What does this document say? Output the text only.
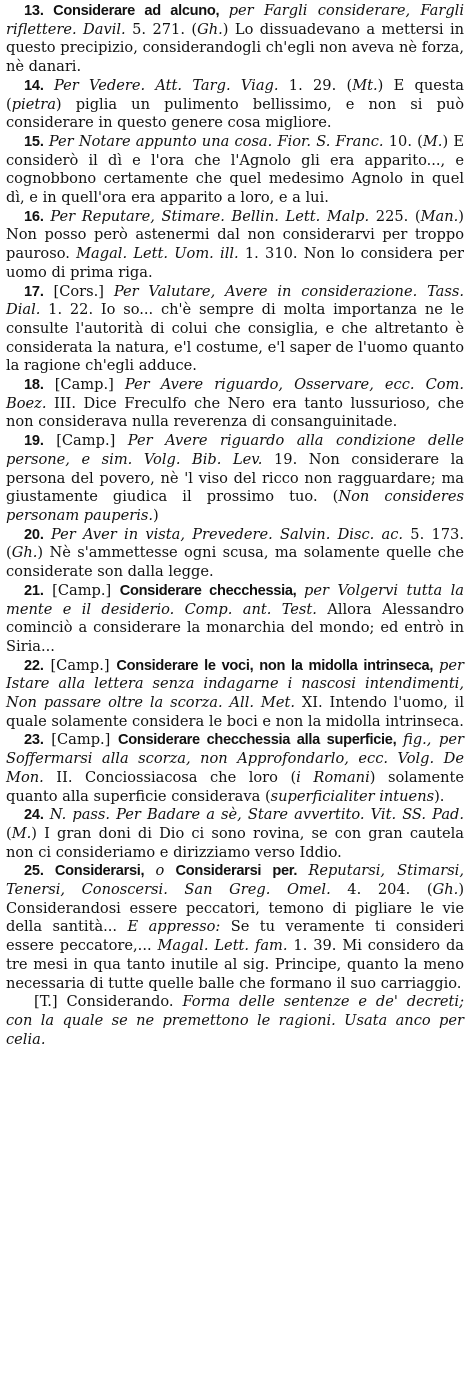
13. Considerare ad alcuno, per Fargli considerare, Fargli riflettere. Davil. 5. 271. (Gh.) Lo dissuadevano a mettersi in questo precipizio, considerandogli ch'egli non aveva nè forza, nè danari.

14. Per Vedere. Att. Targ. Viag. 1. 29. (Mt.) E questa (pietra) piglia un pulimento bellissimo, e non si può considerare in questo genere cosa migliore.

15. Per Notare appunto una cosa. Fior. S. Franc. 10. (M.) E considerò il dì e l'ora che l'Agnolo gli era apparito..., e cognobbono certamente che quel medesimo Agnolo in quel dì, e in quell'ora era apparito a loro, e a lui.

16. Per Reputare, Stimare. Bellin. Lett. Malp. 225. (Man.) Non posso però astenermi dal non considerarvi per troppo pauroso. Magal. Lett. Uom. ill. 1. 310. Non lo considera per uomo di prima riga.

17. [Cors.] Per Valutare, Avere in considerazione. Tass. Dial. 1. 22. Io so... ch'è sempre di molta importanza ne le consulte l'autorità di colui che consiglia, e che altretanto è considerata la natura, e'l costume, e'l saper de l'uomo quanto la ragione ch'egli adduce.

18. [Camp.] Per Avere riguardo, Osservare, ecc. Com. Boez. III. Dice Freculfo che Nero era tanto lussurioso, che non considerava nulla reverenza di consanguinitade.

19. [Camp.] Per Avere riguardo alla condizione delle persone, e sim. Volg. Bib. Lev. 19. Non considerare la persona del povero, nè 'l viso del ricco non ragguardare; ma giustamente giudica il prossimo tuo. (Non consideres personam pauperis.)

20. Per Aver in vista, Prevedere. Salvin. Disc. ac. 5. 173. (Gh.) Nè s'ammettesse ogni scusa, ma solamente quelle che considerate son dalla legge.

21. [Camp.] Considerare checchessia, per Volgervi tutta la mente e il desiderio. Comp. ant. Test. Allora Alessandro cominciò a considerare la monarchia del mondo; ed entrò in Siria...

22. [Camp.] Considerare le voci, non la midolla intrinseca, per Istare alla lettera senza indagarne i nascosi intendimenti, Non passare oltre la scorza. All. Met. XI. Intendo l'uomo, il quale solamente considera le boci e non la midolla intrinseca.

23. [Camp.] Considerare checchessia alla superficie, fig., per Soffermarsi alla scorza, non Approfondarlo, ecc. Volg. De Mon. II. Conciossiacosa che loro (i Romani) solamente quanto alla superficie considerava (superficialiter intuens).

24. N. pass. Per Badare a sè, Stare avvertito. Vit. SS. Pad. (M.) I gran doni di Dio ci sono rovina, se con gran cautela non ci consideriamo e dirizziamo verso Iddio.

25. Considerarsi, o Considerarsi per. Reputarsi, Stimarsi, Tenersi, Conoscersi. San Greg. Omel. 4. 204. (Gh.) Considerandosi essere peccatori, temono di pigliare le vie della santità... E appresso: Se tu veramente ti consideri essere peccatore,... Magal. Lett. fam. 1. 39. Mi considero da tre mesi in qua tanto inutile al sig. Principe, quanto la meno necessaria di tutte quelle balle che formano il suo carriaggio.

[T.] Considerando. Forma delle sentenze e de' decreti; con la quale se ne premettono le ragioni. Usata anco per celia.
